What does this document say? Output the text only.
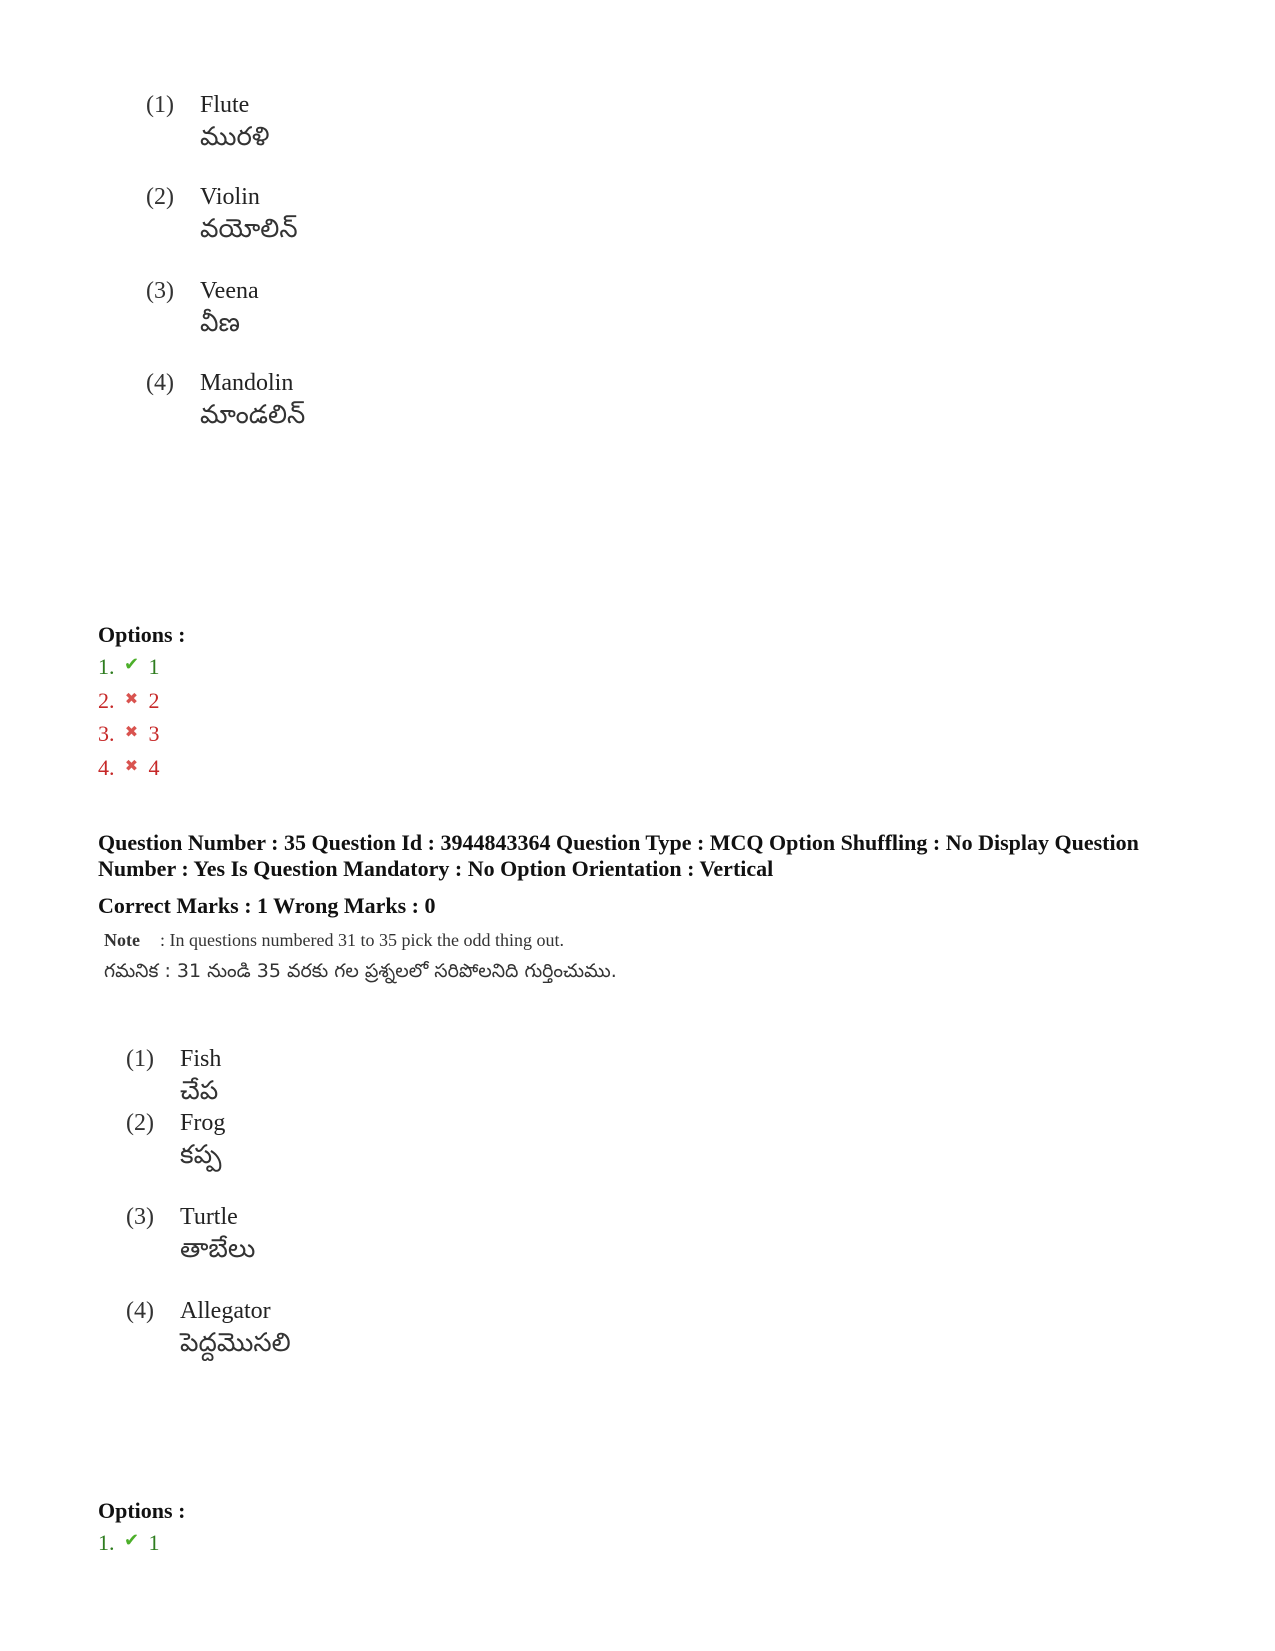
(1) Flute
మురళి
(2) Violin
వయోలిన్
(3) Veena
వీణ
(4) Mandolin
మాండలిన్
Options :
1. ✔ 1
2. ✖ 2
3. ✖ 3
4. ✖ 4
Question Number : 35 Question Id : 3944843364 Question Type : MCQ Option Shuffling : No Display Question Number : Yes Is Question Mandatory : No Option Orientation : Vertical
Correct Marks : 1 Wrong Marks : 0
Note : In questions numbered 31 to 35 pick the odd thing out.
గమనిక : 31 నుండి 35 వరకు గల ప్రశ్నలలో సరిపోలనిది గుర్తించుము.
(1) Fish
చేప
(2) Frog
కప్ప
(3) Turtle
తాబేలు
(4) Allegator
పెద్దమొసలి
Options :
1. ✔ 1
